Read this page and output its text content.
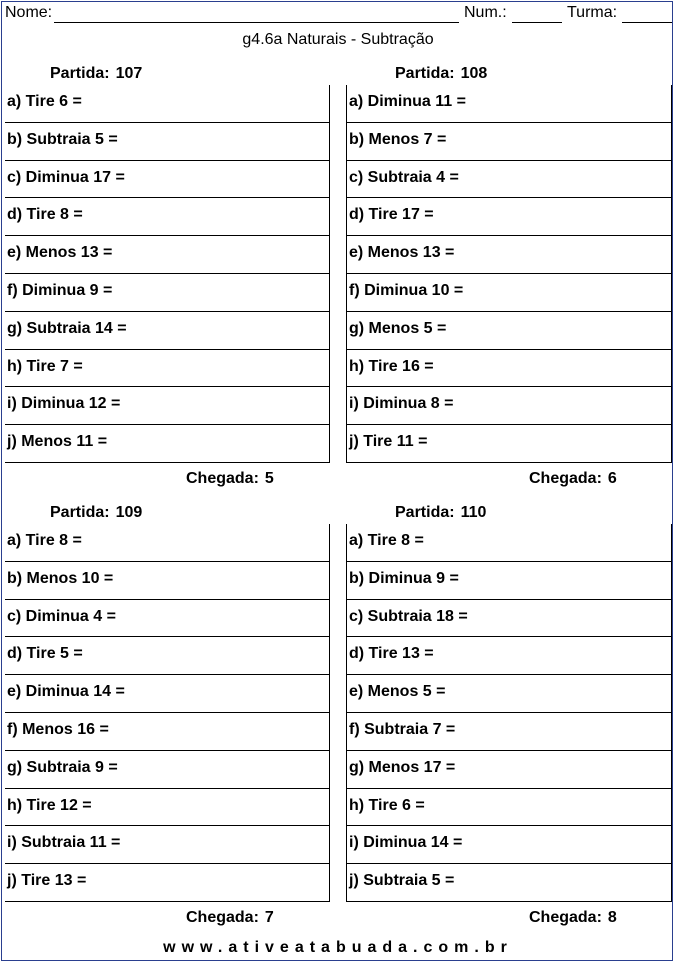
Nome:	Num.:	Turma:
g4.6a Naturais - Subtração
Partida: 107
a) Tire 6 =
b) Subtraia 5 =
c) Diminua 17 =
d) Tire 8 =
e) Menos 13 =
f) Diminua 9 =
g) Subtraia 14 =
h) Tire 7 =
i) Diminua 12 =
j) Menos 11 =
Chegada: 5
Partida: 108
a) Diminua 11 =
b) Menos 7 =
c) Subtraia 4 =
d) Tire 17 =
e) Menos 13 =
f) Diminua 10 =
g) Menos 5 =
h) Tire 16 =
i) Diminua 8 =
j) Tire 11 =
Chegada: 6
Partida: 109
a) Tire 8 =
b) Menos 10 =
c) Diminua 4 =
d) Tire 5 =
e) Diminua 14 =
f) Menos 16 =
g) Subtraia 9 =
h) Tire 12 =
i) Subtraia 11 =
j) Tire 13 =
Chegada: 7
Partida: 110
a) Tire 8 =
b) Diminua 9 =
c) Subtraia 18 =
d) Tire 13 =
e) Menos 5 =
f) Subtraia 7 =
g) Menos 17 =
h) Tire 6 =
i) Diminua 14 =
j) Subtraia 5 =
Chegada: 8
www.ativeatabuada.com.br
